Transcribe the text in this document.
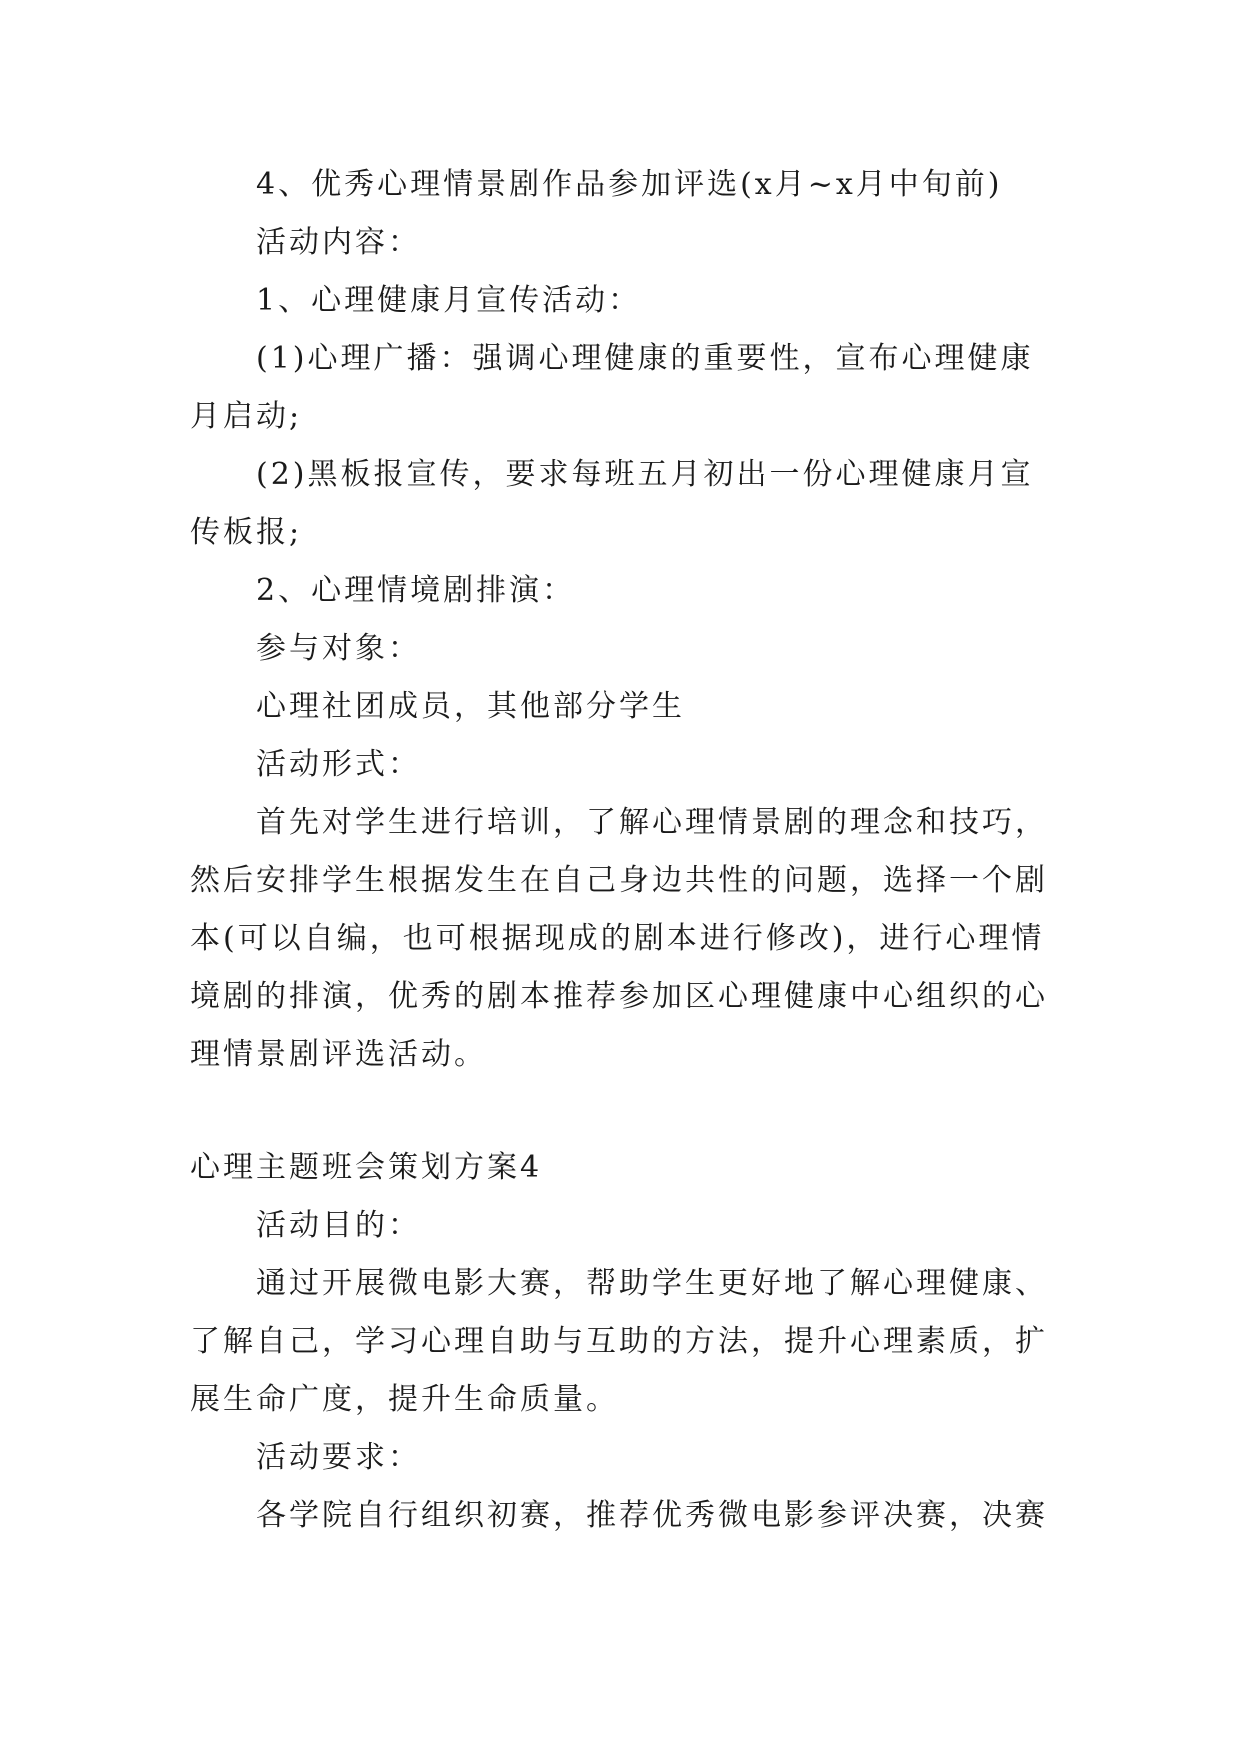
4、优秀心理情景剧作品参加评选(x月~x月中旬前)
活动内容：
1、心理健康月宣传活动：
(1)心理广播：强调心理健康的重要性，宣布心理健康
月启动;
(2)黑板报宣传，要求每班五月初出一份心理健康月宣
传板报;
2、心理情境剧排演：
参与对象：
心理社团成员，其他部分学生
活动形式：
首先对学生进行培训，了解心理情景剧的理念和技巧，
然后安排学生根据发生在自己身边共性的问题，选择一个剧
本(可以自编，也可根据现成的剧本进行修改)，进行心理情
境剧的排演，优秀的剧本推荐参加区心理健康中心组织的心
理情景剧评选活动。
心理主题班会策划方案4
活动目的：
通过开展微电影大赛，帮助学生更好地了解心理健康、
了解自己，学习心理自助与互助的方法，提升心理素质，扩
展生命广度，提升生命质量。
活动要求：
各学院自行组织初赛，推荐优秀微电影参评决赛，决赛
